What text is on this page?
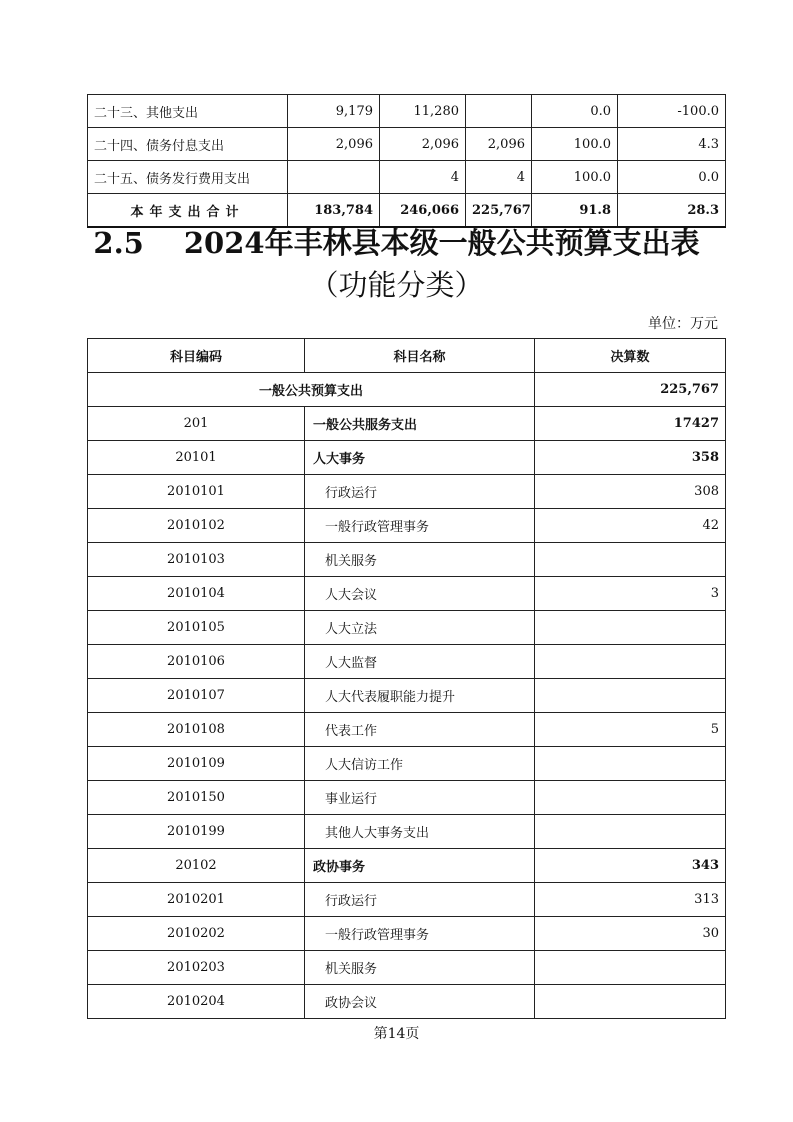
二十三、其他支出	9,179	11,280		0.0	-100.0
二十四、债务付息支出	2,096	2,096	2,096	100.0	4.3
二十五、债务发行费用支出		4	4	100.0	0.0
本年支出合计	183,784	246,066	225,767	91.8	28.3
2.5 2024年丰林县本级一般公共预算支出表
（功能分类）
单位：万元
科目编码	科目名称	决算数
一般公共预算支出		225,767
201	一般公共服务支出	17427
20101	人大事务	358
2010101	行政运行	308
2010102	一般行政管理事务	42
2010103	机关服务	
2010104	人大会议	3
2010105	人大立法	
2010106	人大监督	
2010107	人大代表履职能力提升	
2010108	代表工作	5
2010109	人大信访工作	
2010150	事业运行	
2010199	其他人大事务支出	
20102	政协事务	343
2010201	行政运行	313
2010202	一般行政管理事务	30
2010203	机关服务	
2010204	政协会议	
第14页
